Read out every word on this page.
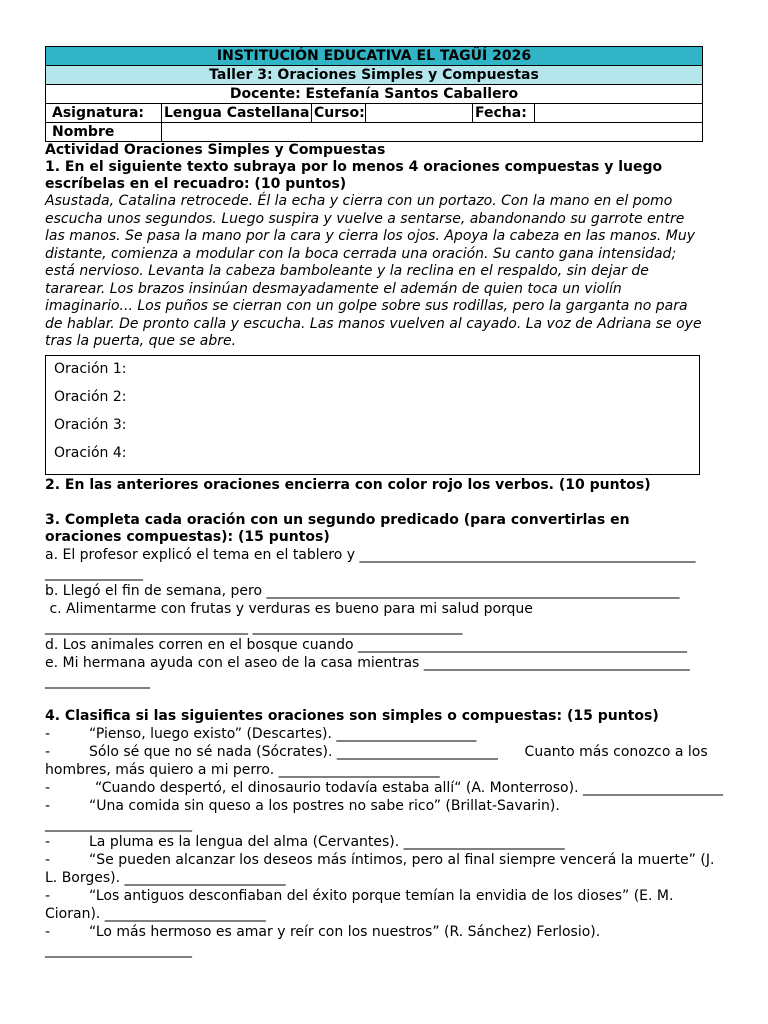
INSTITUCIÓN EDUCATIVA EL TAGÜÍ 2026					
Taller 3: Oraciones Simples y Compuestas					
Docente: Estefanía Santos Caballero					
Asignatura:	Lengua Castellana	Curso:		Fecha:	
Nombre					

Actividad Oraciones Simples y Compuestas

1. En el siguiente texto subraya por lo menos 4 oraciones compuestas y luego escríbelas en el recuadro: (10 puntos)

Asustada, Catalina retrocede. Él la echa y cierra con un portazo. Con la mano en el pomo escucha unos segundos. Luego suspira y vuelve a sentarse, abandonando su garrote entre las manos. Se pasa la mano por la cara y cierra los ojos. Apoya la cabeza en las manos. Muy distante, comienza a modular con la boca cerrada una oración. Su canto gana intensidad; está nervioso. Levanta la cabeza bamboleante y la reclina en el respaldo, sin dejar de tararear. Los brazos insinúan desmayadamente el ademán de quien toca un violín imaginario... Los puños se cierran con un golpe sobre sus rodillas, pero la garganta no para de hablar. De pronto calla y escucha. Las manos vuelven al cayado. La voz de Adriana se oye tras la puerta, que se abre.

Oración 1:
Oración 2:
Oración 3:
Oración 4:

2. En las anteriores oraciones encierra con color rojo los verbos. (10 puntos)

3. Completa cada oración con un segundo predicado (para convertirlas en oraciones compuestas): (15 puntos)

a. El profesor explicó el tema en el tablero y ________________________________________________

______________

b. Llegó el fin de semana, pero ___________________________________________________________

c. Alimentarme con frutas y verduras es bueno para mi salud porque

_____________________________ ______________________________

d. Los animales corren en el bosque cuando _______________________________________________

e. Mi hermana ayuda con el aseo de la casa mientras ______________________________________

_______________

4. Clasifica si las siguientes oraciones son simples o compuestas: (15 puntos)

-	“Pienso, luego existo” (Descartes). ____________________

-	Sólo sé que no sé nada (Sócrates). _______________________      Cuanto más conozco a los

hombres, más quiero a mi perro. _______________________

-	“Cuando despertó, el dinosaurio todavía estaba allí“ (A. Monterroso). ____________________

-	“Una comida sin queso a los postres no sabe rico” (Brillat-Savarin).

_____________________

-	La pluma es la lengua del alma (Cervantes). _______________________

-	“Se pueden alcanzar los deseos más íntimos, pero al final siempre vencerá la muerte” (J.

L. Borges). _______________________

-	“Los antiguos desconfiaban del éxito porque temían la envidia de los dioses” (E. M.

Cioran). _______________________

-	“Lo más hermoso es amar y reír con los nuestros” (R. Sánchez) Ferlosio).

_____________________
